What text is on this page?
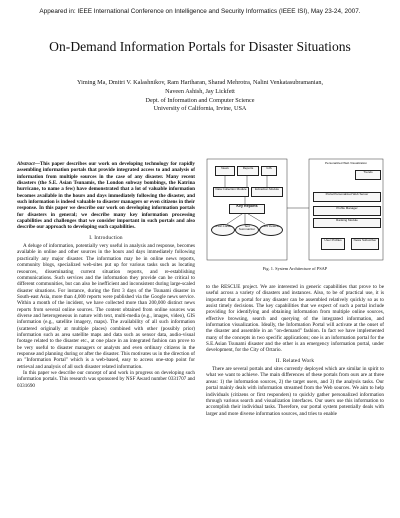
Appeared in: IEEE International Conference on Intelligence and Security Informatics (IEEE ISI), May 23-24, 2007.
On-Demand Information Portals for Disaster Situations
Yiming Ma, Dmitri V. Kalashnikov, Ram Hariharan, Sharad Mehrotra, Nalini Venkatasubramanian,
Naveen Ashish, Jay Lickfett
Dept. of Information and Computer Science
University of California, Irvine, USA
Abstract—This paper describes our work on developing technology for rapidly assembling information portals that provide integrated access to and analysis of information from multiple sources in the case of any disaster. Many recent disasters (the S.E. Asian Tsunamis, the London subway bombings, the Katrina hurricane, to name a few) have demonstrated that a lot of valuable information becomes available in the hours and days immediately following the disaster, and such information is indeed valuable to disaster managers or even citizens in their response. In this paper we describe our work on developing information portals for disasters in general; we describe many key information processing capabilities and challenges that we consider important in such portals and also describe our approach to developing such capabilities.
I. Introduction

A deluge of information, potentially very useful in analysis and response, becomes available in online and other sources in the hours and days immediately following practically any major disaster. The information may be in online news reports, community blogs, specialized web-sites put up for various tasks such as locating resources, disseminating current situation reports, and re-establishing communications. Such services and the information they provide can be critical to different communities, but can also be inefficient and inconsistent during large-scaled disaster situations. For instance, during the first 3 days of the Tsunami disaster in South-east Asia, more than 4,000 reports were published via the Google news service. Within a month of the incident, we have collected more than 200,000 distinct news reports from several online sources. The content obtained from online sources was diverse and heterogeneous in nature with text, multi-media (e.g., images, video), GIS information (e.g., satellite imagery, maps). The availability of all such information (scattered originally at multiple places) combined with other (possibly prior) information such as area satellite maps and data such as sensor data, audio-visual footage related to the disaster etc., at one place in an integrated fashion can prove to be very useful to disaster managers or analysts and even ordinary citizens in the response and planning during or after the disaster. This motivates us in the direction of an "Information Portal" which is a web-based, easy to access one-stop point for retrieval and analysis of all such disaster related information.

In this paper we describe our concept of and work in progress on developing such information portals. This research was sponsored by NSF Award number 0331707 and 0331690

News	Reports	GIS
Data Collection Module	Extraction Module
Key Reports
Person Locator	Text Summarizer
Event Detection
Personalized Web Visualization
Trends
Portal Personalized Web Server
Profile Manager
Ranking Module
User Profiles	News Subscriber
Fig. 1. System Architecture of PSAP

to the RESCUE project. We are interested in generic capabilities that prove to be useful across a variety of disasters and instances. Also, to be of practical use, it is important that a portal for any disaster can be assembled relatively quickly so as to assist timely decisions. The key capabilities that we expect of such a portal include providing for identifying and obtaining information from multiple online sources, effective browsing, search and querying of the integrated information, and information visualization. Ideally, the Information Portal will activate at the onset of the disaster and assemble in an "on-demand" fashion. In fact we have implemented many of the concepts in two specific applications; one is an information portal for the S.E.Asian Tsunami disaster and the other is an emergency information portal, under development, for the City of Ortario.

II. Related Work

There are several portals and sites currently deployed which are similar in spirit to what we want to achieve. The main differences of these portals from ours are at three areas: 1) the information sources, 2) the target users, and 3) the analysis tasks. Our portal mainly deals with information streamed from the Web sources. We aim to help individuals (citizens or first responders) to quickly gather personalized information through various search and visualization interfaces. Our users use this information to accomplish their individual tasks. Therefore, our portal system potentially deals with larger and more diverse information sources, and tries to enable
